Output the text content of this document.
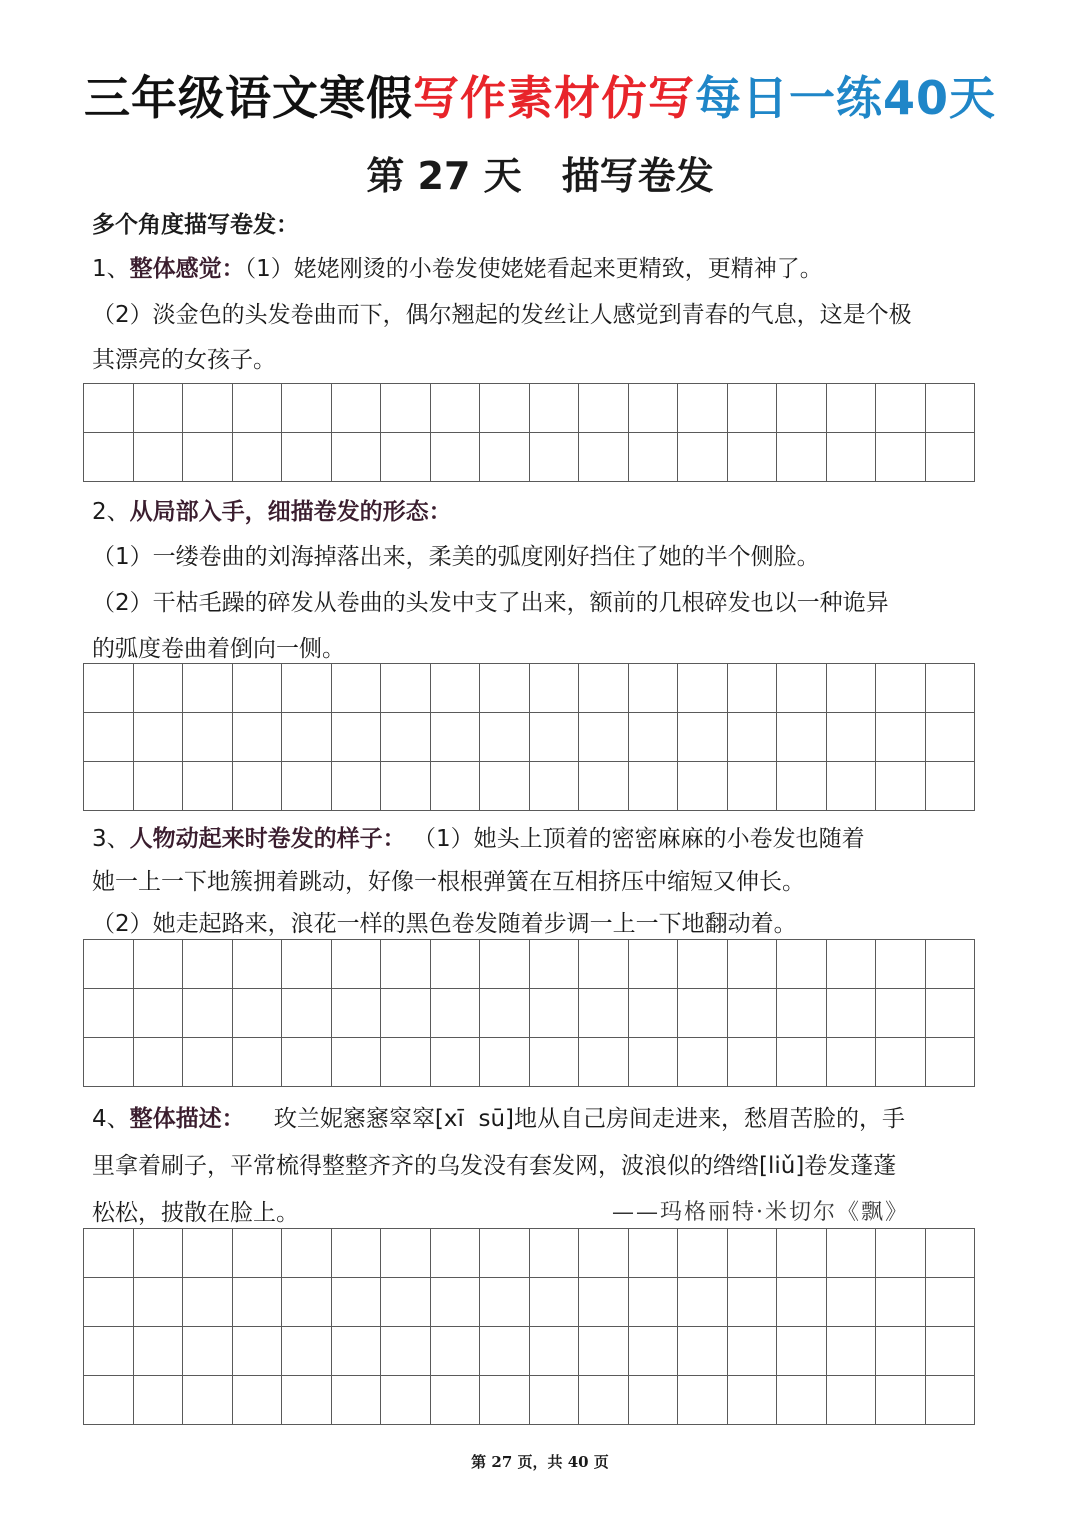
三年级语文寒假写作素材仿写每日一练40天
第 27 天 描写卷发
多个角度描写卷发：
1、整体感觉：（1）姥姥刚烫的小卷发使姥姥看起来更精致，更精神了。
（2）淡金色的头发卷曲而下，偶尔翘起的发丝让人感觉到青春的气息，这是个极
其漂亮的女孩子。

2、从局部入手，细描卷发的形态：
（1）一缕卷曲的刘海掉落出来，柔美的弧度刚好挡住了她的半个侧脸。
（2）干枯毛躁的碎发从卷曲的头发中支了出来，额前的几根碎发也以一种诡异
的弧度卷曲着倒向一侧。

3、人物动起来时卷发的样子： （1）她头上顶着的密密麻麻的小卷发也随着
她一上一下地簇拥着跳动，好像一根根弹簧在互相挤压中缩短又伸长。
（2）她走起路来，浪花一样的黑色卷发随着步调一上一下地翻动着。

4、整体描述：    玫兰妮窸窸窣窣[xī  sū]地从自己房间走进来，愁眉苦脸的，手
里拿着刷子，平常梳得整整齐齐的乌发没有套发网，波浪似的绺绺[liǔ]卷发蓬蓬
松松，披散在脸上。	——玛格丽特·米切尔《飘》

第 27 页，共 40 页
